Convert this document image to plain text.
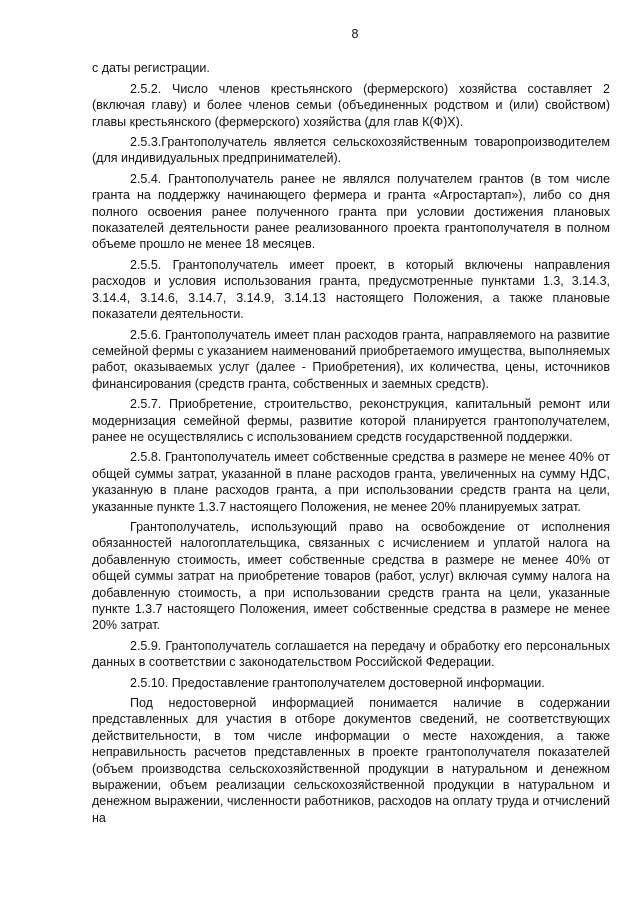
8

с даты регистрации.

2.5.2. Число членов крестьянского (фермерского) хозяйства составляет 2 (включая главу) и более членов семьи (объединенных родством и (или) свойством) главы крестьянского (фермерского) хозяйства (для глав К(Ф)Х).

2.5.3.Грантополучатель является сельскохозяйственным товаропроизводителем (для индивидуальных предпринимателей).

2.5.4. Грантополучатель ранее не являлся получателем грантов (в том числе гранта на поддержку начинающего фермера и гранта «Агростартап»), либо со дня полного освоения ранее полученного гранта при условии достижения плановых показателей деятельности ранее реализованного проекта грантополучателя в полном объеме прошло не менее 18 месяцев.

2.5.5. Грантополучатель имеет проект, в который включены направления расходов и условия использования гранта, предусмотренные пунктами 1.3, 3.14.3, 3.14.4, 3.14.6, 3.14.7, 3.14.9, 3.14.13 настоящего Положения, а также плановые показатели деятельности.

2.5.6. Грантополучатель имеет план расходов гранта, направляемого на развитие семейной фермы с указанием наименований приобретаемого имущества, выполняемых работ, оказываемых услуг (далее - Приобретения), их количества, цены, источников финансирования (средств гранта, собственных и заемных средств).

2.5.7. Приобретение, строительство, реконструкция, капитальный ремонт или модернизация семейной фермы, развитие которой планируется грантополучателем, ранее не осуществлялись с использованием средств государственной поддержки.

2.5.8. Грантополучатель имеет собственные средства в размере не менее 40% от общей суммы затрат, указанной в плане расходов гранта, увеличенных на сумму НДС, указанную в плане расходов гранта, а при использовании средств гранта на цели, указанные пункте 1.3.7 настоящего Положения, не менее 20% планируемых затрат.

Грантополучатель, использующий право на освобождение от исполнения обязанностей налогоплательщика, связанных с исчислением и уплатой налога на добавленную стоимость, имеет собственные средства в размере не менее 40% от общей суммы затрат на приобретение товаров (работ, услуг) включая сумму налога на добавленную стоимость, а при использовании средств гранта на цели, указанные пункте 1.3.7 настоящего Положения, имеет собственные средства в размере не менее 20% затрат.

2.5.9. Грантополучатель соглашается на передачу и обработку его персональных данных в соответствии с законодательством Российской Федерации.

2.5.10. Предоставление грантополучателем достоверной информации.

Под недостоверной информацией понимается наличие в содержании представленных для участия в отборе документов сведений, не соответствующих действительности, в том числе информации о месте нахождения, а также неправильность расчетов представленных в проекте грантополучателя показателей (объем производства сельскохозяйственной продукции в натуральном и денежном выражении, объем реализации сельскохозяйственной продукции в натуральном и денежном выражении, численности работников, расходов на оплату труда и отчислений на
